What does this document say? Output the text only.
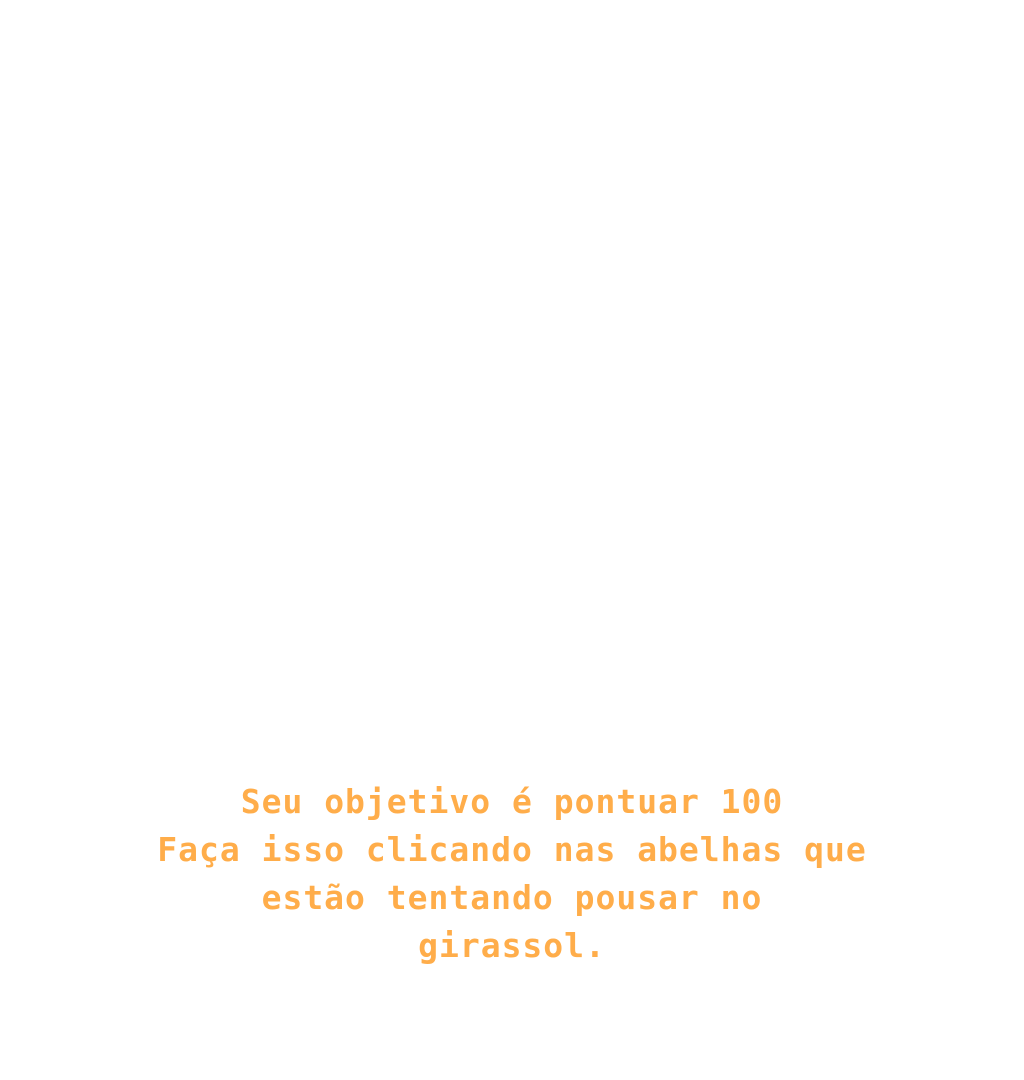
Seu objetivo é pontuar 100
Faça isso clicando nas abelhas que
estão tentando pousar no
girassol.
